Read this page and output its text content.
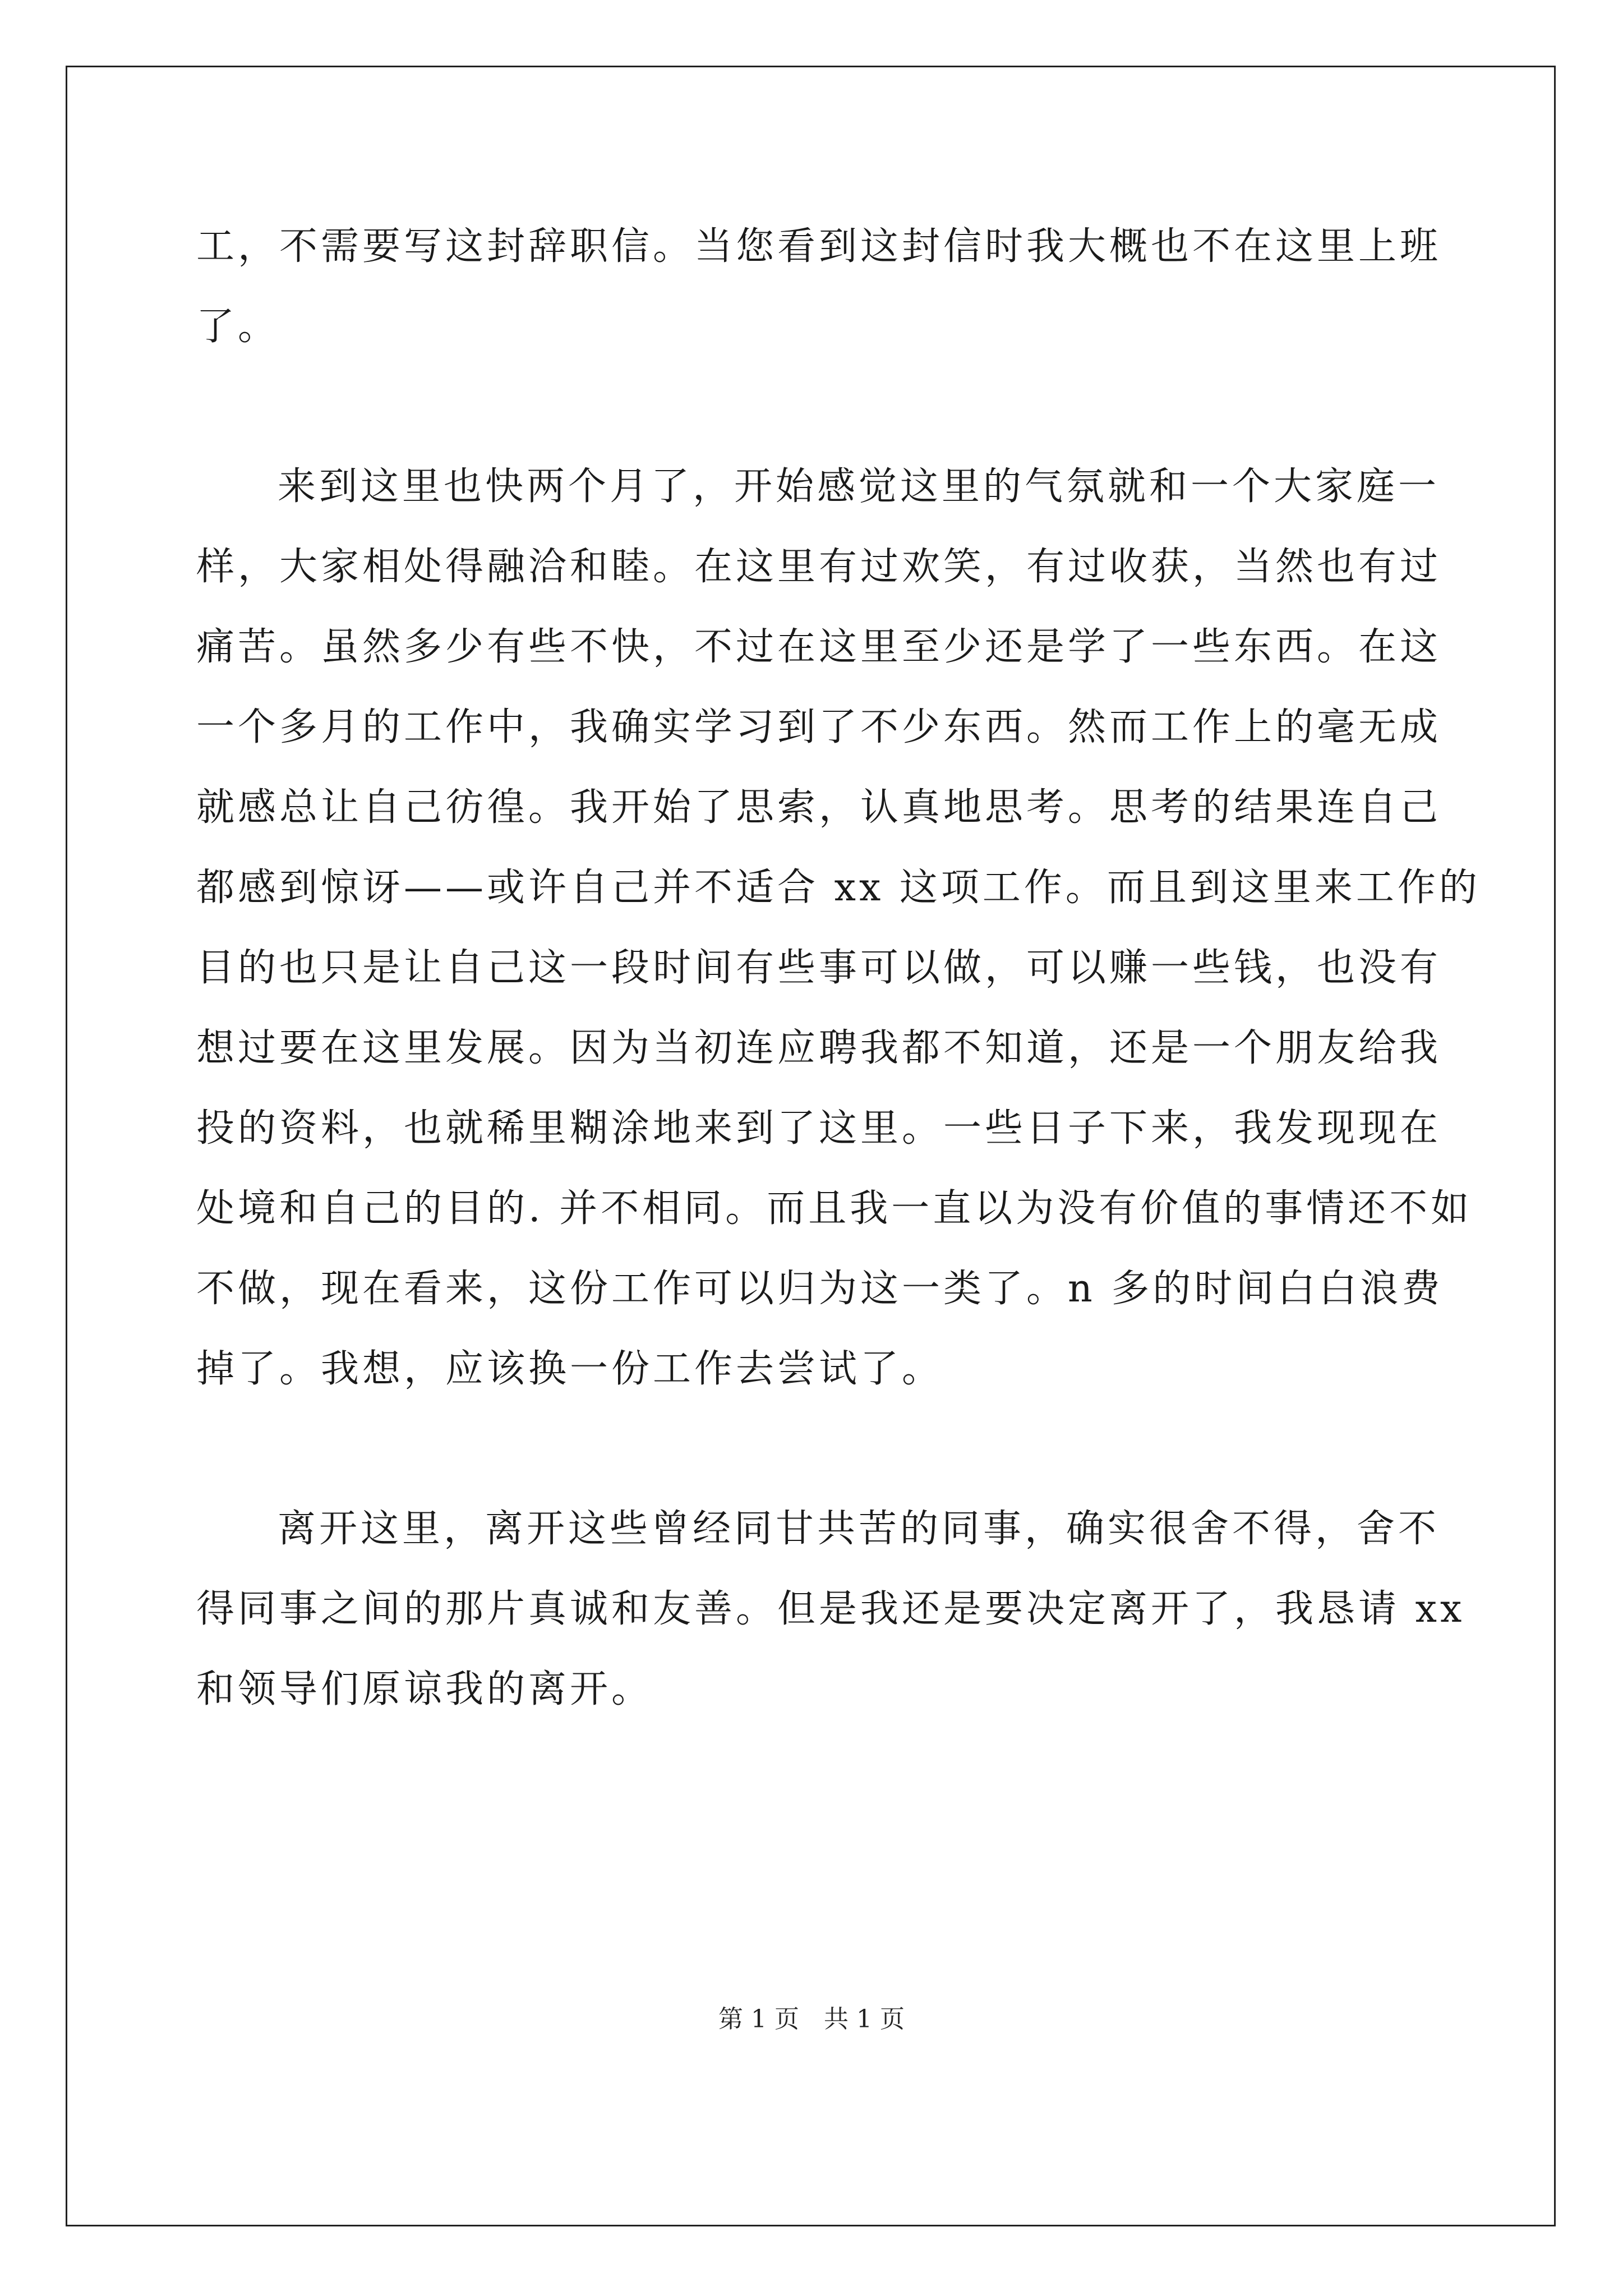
工，不需要写这封辞职信。当您看到这封信时我大概也不在这里上班
了。
来到这里也快两个月了，开始感觉这里的气氛就和一个大家庭一
样，大家相处得融洽和睦。在这里有过欢笑，有过收获，当然也有过
痛苦。虽然多少有些不快，不过在这里至少还是学了一些东西。在这
一个多月的工作中，我确实学习到了不少东西。然而工作上的毫无成
就感总让自己彷徨。我开始了思索，认真地思考。思考的结果连自己
都感到惊讶——或许自己并不适合 xx 这项工作。而且到这里来工作的
目的也只是让自己这一段时间有些事可以做，可以赚一些钱，也没有
想过要在这里发展。因为当初连应聘我都不知道，还是一个朋友给我
投的资料，也就稀里糊涂地来到了这里。一些日子下来，我发现现在
处境和自己的目的. 并不相同。而且我一直以为没有价值的事情还不如
不做，现在看来，这份工作可以归为这一类了。n 多的时间白白浪费
掉了。我想，应该换一份工作去尝试了。
离开这里，离开这些曾经同甘共苦的同事，确实很舍不得，舍不
得同事之间的那片真诚和友善。但是我还是要决定离开了，我恳请 xx
和领导们原谅我的离开。
第 1 页　共 1 页
